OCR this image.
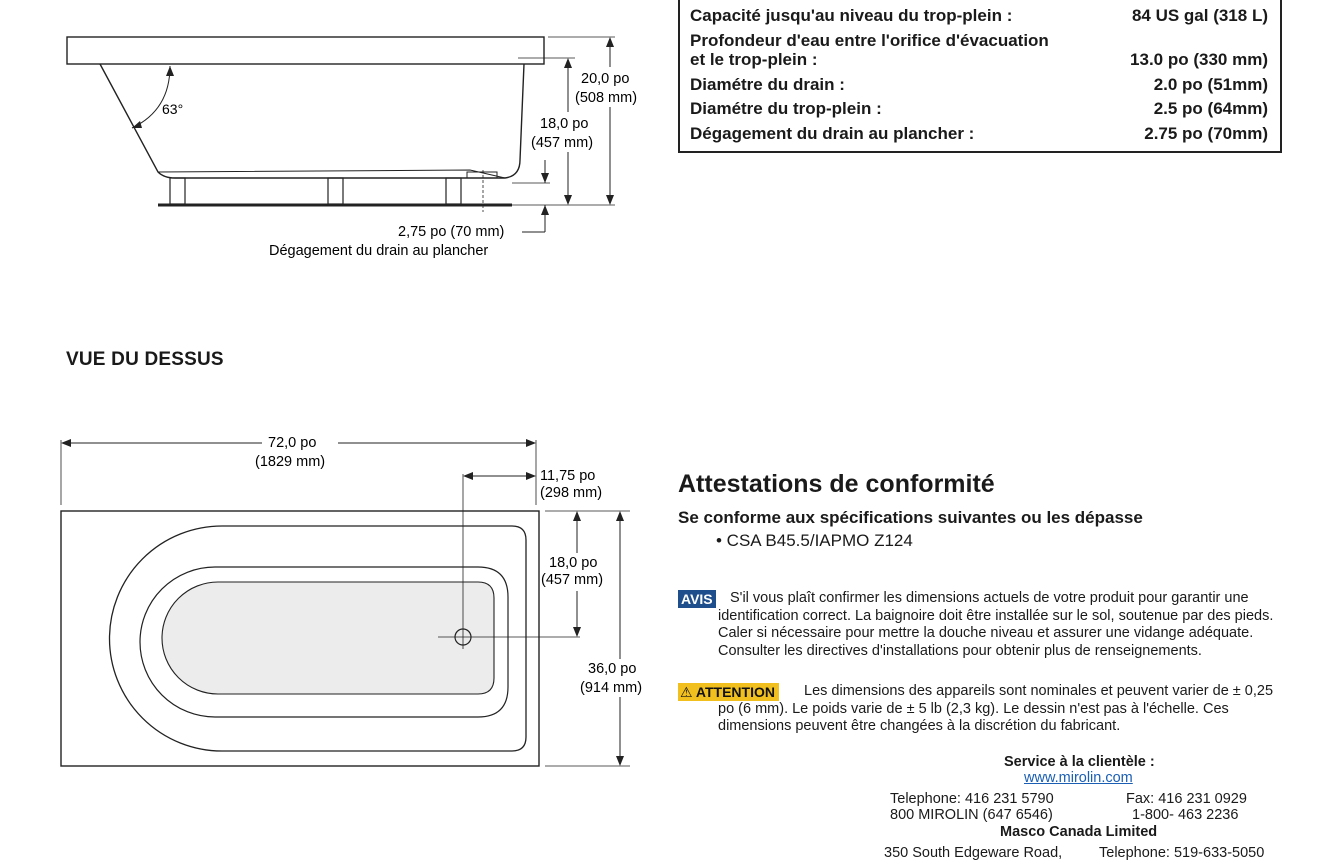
63°
20,0 po
(508 mm)
18,0 po
(457 mm)
2,75 po (70 mm)
Dégagement du drain au plancher
Capacité jusqu'au niveau du trop-plein :	84 US gal (318 L)
Profondeur d'eau entre l'orifice d'évacuation
et le trop-plein :	13.0 po (330 mm)
Diamétre du drain :	2.0 po (51mm)
Diamétre du trop-plein :	2.5 po (64mm)
Dégagement du drain au plancher :	2.75 po (70mm)
VUE DU DESSUS
72,0 po
(1829 mm)
11,75 po
(298 mm)
18,0 po
(457 mm)
36,0 po
(914 mm)
Attestations de conformité
Se conforme aux spécifications suivantes ou les dépasse
• CSA B45.5/IAPMO Z124
AVIS	S'il vous plaît confirmer les dimensions actuels de votre produit pour garantir une identification correct. La baignoire doit être installée sur le sol, soutenue par des pieds. Caler si nécessaire pour mettre la douche niveau et assurer une vidange adéquate. Consulter les directives d'installations pour obtenir plus de renseignements.
⚠ ATTENTION	Les dimensions des appareils sont nominales et peuvent varier de ± 0,25 po (6 mm). Le poids varie de ± 5 lb (2,3 kg). Le dessin n'est pas à l'échelle. Ces dimensions peuvent être changées à la discrétion du fabricant.
Service à la clientèle :
www.mirolin.com
Telephone: 416 231 5790
800 MIROLIN (647 6546)
Fax: 416 231 0929
1-800- 463 2236
Masco Canada Limited
350 South Edgeware Road,	Telephone: 519-633-5050
